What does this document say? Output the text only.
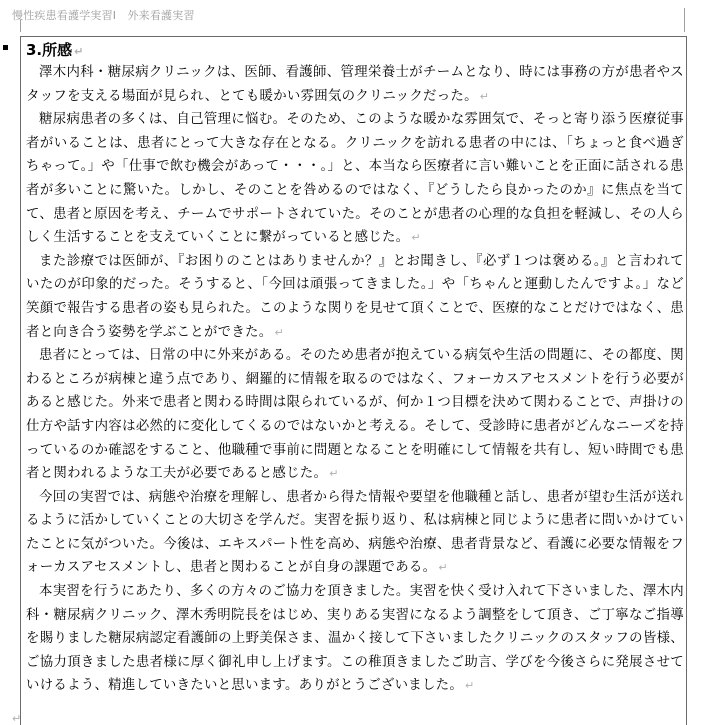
慢性疾患看護学実習Ⅰ　外来看護実習

3.所感 ↵

澤木内科・糖尿病クリニックは、医師、看護師、管理栄養士がチームとなり、時には事務の方が患者やスタッフを支える場面が見られ、とても暖かい雰囲気のクリニックだった。 ↵

糖尿病患者の多くは、自己管理に悩む。そのため、このような暖かな雰囲気で、そっと寄り添う医療従事者がいることは、患者にとって大きな存在となる。クリニックを訪れる患者の中には、「ちょっと食べ過ぎちゃって。」や「仕事で飲む機会があって・・・。」と、本当なら医療者に言い難いことを正面に話される患者が多いことに驚いた。しかし、そのことを咎めるのではなく、『どうしたら良かったのか』に焦点を当てて、患者と原因を考え、チームでサポートされていた。そのことが患者の心理的な負担を軽減し、その人らしく生活することを支えていくことに繋がっていると感じた。 ↵

また診療では医師が、『お困りのことはありませんか？』とお聞きし、『必ず１つは褒める。』と言われていたのが印象的だった。そうすると、「今回は頑張ってきました。」や「ちゃんと運動したんですよ。」など笑顔で報告する患者の姿も見られた。このような関りを見せて頂くことで、医療的なことだけではなく、患者と向き合う姿勢を学ぶことができた。 ↵

患者にとっては、日常の中に外来がある。そのため患者が抱えている病気や生活の問題に、その都度、関わるところが病棟と違う点であり、網羅的に情報を取るのではなく、フォーカスアセスメントを行う必要があると感じた。外来で患者と関わる時間は限られているが、何か１つ目標を決めて関わることで、声掛けの仕方や話す内容は必然的に変化してくるのではないかと考える。そして、受診時に患者がどんなニーズを持っているのか確認をすること、他職種で事前に問題となることを明確にして情報を共有し、短い時間でも患者と関われるような工夫が必要であると感じた。 ↵

今回の実習では、病態や治療を理解し、患者から得た情報や要望を他職種と話し、患者が望む生活が送れるように活かしていくことの大切さを学んだ。実習を振り返り、私は病棟と同じように患者に問いかけていたことに気がついた。今後は、エキスパート性を高め、病態や治療、患者背景など、看護に必要な情報をフォーカスアセスメントし、患者と関わることが自身の課題である。 ↵

本実習を行うにあたり、多くの方々のご協力を頂きました。実習を快く受け入れて下さいました、澤木内科・糖尿病クリニック、澤木秀明院長をはじめ、実りある実習になるよう調整をして頂き、ご丁寧なご指導を賜りました糖尿病認定看護師の上野美保さま、温かく接して下さいましたクリニックのスタッフの皆様、ご協力頂きました患者様に厚く御礼申し上げます。この稚頂きましたご助言、学びを今後さらに発展させていけるよう、精進していきたいと思います。ありがとうございました。 ↵

↵
